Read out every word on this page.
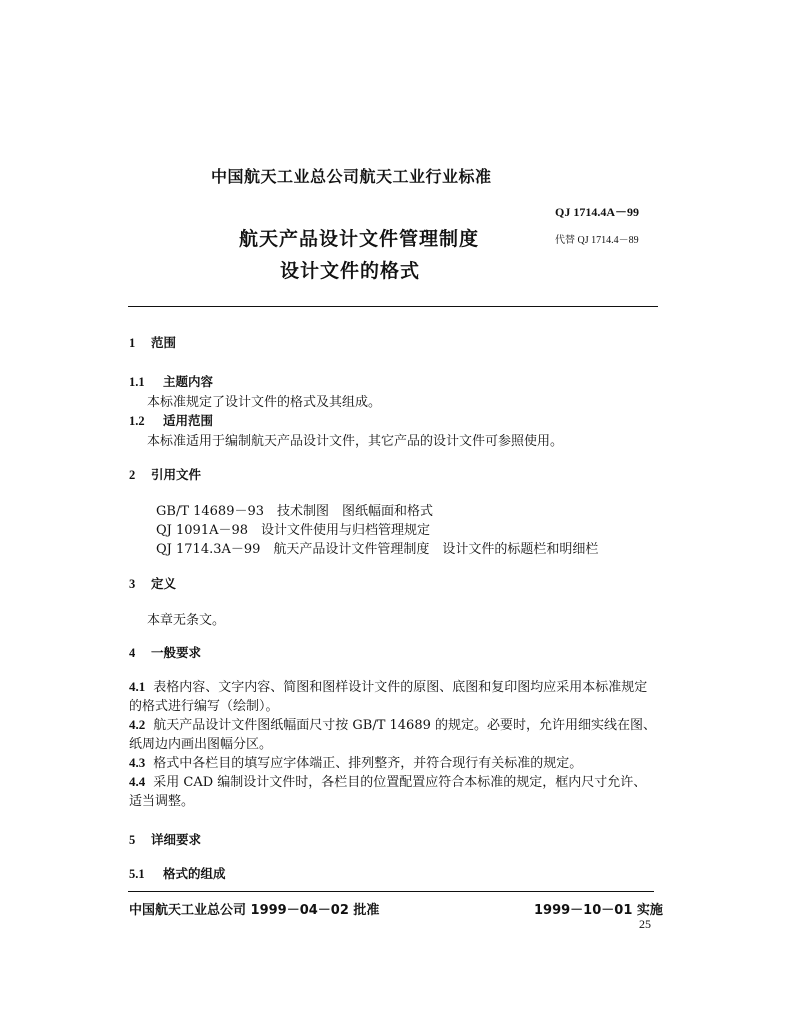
中国航天工业总公司航天工业行业标准
QJ 1714.4A－99
航天产品设计文件管理制度	代替 QJ 1714.4－89
设计文件的格式
1 范围
1.1 主题内容
本标准规定了设计文件的格式及其组成。
1.2 适用范围
本标准适用于编制航天产品设计文件，其它产品的设计文件可参照使用。
2 引用文件
GB/T 14689－93　技术制图　图纸幅面和格式
QJ 1091A－98　设计文件使用与归档管理规定
QJ 1714.3A－99　航天产品设计文件管理制度　设计文件的标题栏和明细栏
3 定义
本章无条文。
4 一般要求
4.1 表格内容、文字内容、简图和图样设计文件的原图、底图和复印图均应采用本标准规定的格式进行编写（绘制）。
4.2 航天产品设计文件图纸幅面尺寸按 GB/T 14689 的规定。必要时，允许用细实线在图、纸周边内画出图幅分区。
4.3 格式中各栏目的填写应字体端正、排列整齐，并符合现行有关标准的规定。
4.4 采用 CAD 编制设计文件时，各栏目的位置配置应符合本标准的规定，框内尺寸允许、适当调整。
5 详细要求
5.1 格式的组成
中国航天工业总公司 1999－04－02 批准	1999－10－01 实施
25
